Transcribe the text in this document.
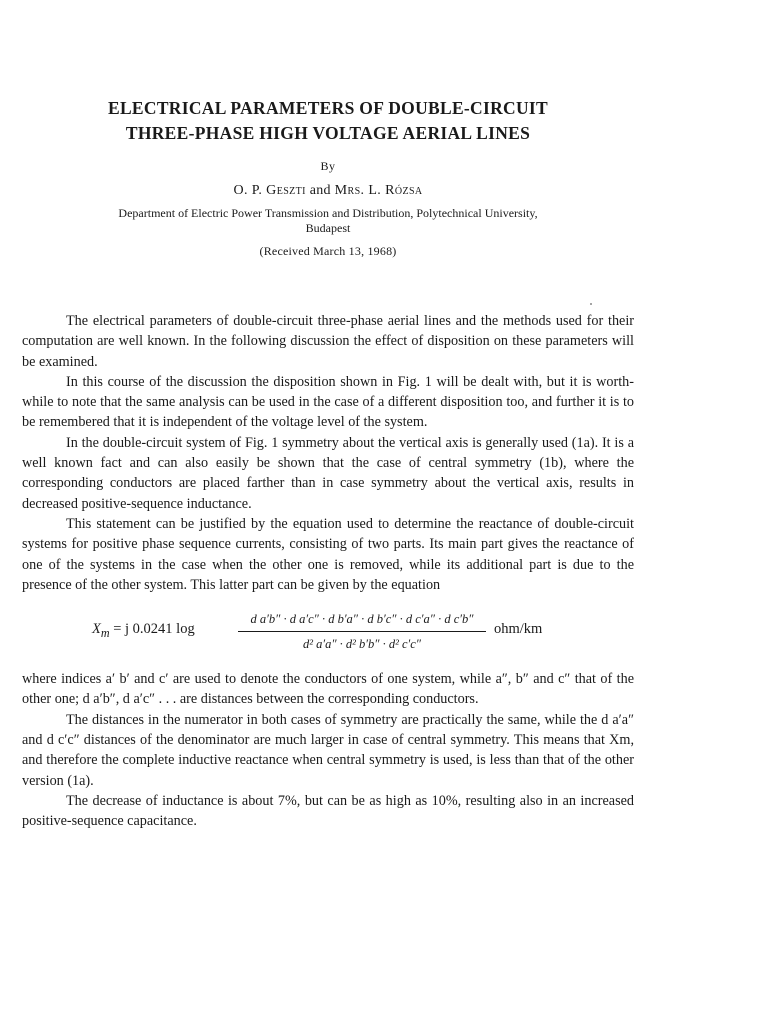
ELECTRICAL PARAMETERS OF DOUBLE-CIRCUIT
THREE-PHASE HIGH VOLTAGE AERIAL LINES
By
O. P. Geszti and Mrs. L. Rózsa
Department of Electric Power Transmission and Distribution, Polytechnical University,
Budapest
(Received March 13, 1968)

The electrical parameters of double-circuit three-phase aerial lines and the methods used for their computation are well known. In the following discussion the effect of disposition on these parameters will be examined.

In this course of the discussion the disposition shown in Fig. 1 will be dealt with, but it is worth-while to note that the same analysis can be used in the case of a different disposition too, and further it is to be remembered that it is independent of the voltage level of the system.

In the double-circuit system of Fig. 1 symmetry about the vertical axis is generally used (1a). It is a well known fact and can also easily be shown that the case of central symmetry (1b), where the corresponding conductors are placed farther than in case symmetry about the vertical axis, results in decreased positive-sequence inductance.

This statement can be justified by the equation used to determine the reactance of double-circuit systems for positive phase sequence currents, consisting of two parts. Its main part gives the reactance of one of the systems in the case when the other one is removed, while its additional part is due to the presence of the other system. This latter part can be given by the equation

$X_m = j$ 0.0241 log	$\frac{\text{d a′b″ · d a′c″ · d b′a″ · d b′c″ · d c′a″ · d c′b″}}{\text{d² a′a″ · d² b′b″ · d² c′c″}} ohm/km$

where indices a′ b′ and c′ are used to denote the conductors of one system, while a″, b″ and c″ that of the other one; d a′b″, d a′c″ . . . are distances between the corresponding conductors.

The distances in the numerator in both cases of symmetry are practically the same, while the d a′a″ and d c′c″ distances of the denominator are much larger in case of central symmetry. This means that Xm, and therefore the complete inductive reactance when central symmetry is used, is less than that of the other version (1a).

The decrease of inductance is about 7%, but can be as high as 10%, resulting also in an increased positive-sequence capacitance.
